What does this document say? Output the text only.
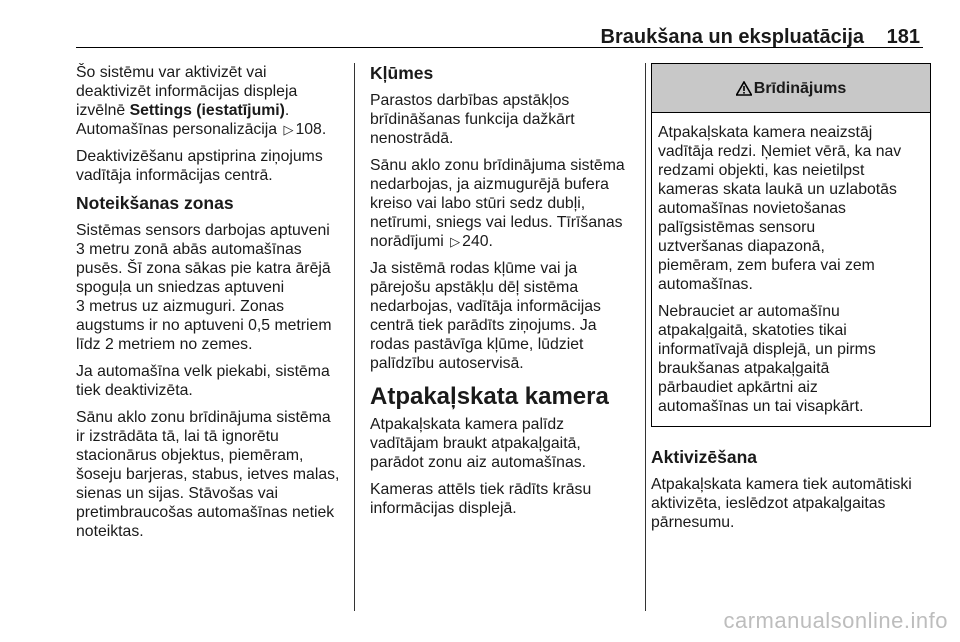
Braukšana un ekspluatācija 181

Šo sistēmu var aktivizēt vai
deaktivizēt informācijas displeja
izvēlnē Settings (iestatījumi).
Automašīnas personalizācija ▷ 108.

Deaktivizēšanu apstiprina ziņojums
vadītāja informācijas centrā.

Noteikšanas zonas

Sistēmas sensors darbojas aptuveni
3 metru zonā abās automašīnas
pusēs. Šī zona sākas pie katra ārējā
spoguļa un sniedzas aptuveni
3 metrus uz aizmuguri. Zonas
augstums ir no aptuveni 0,5 metriem
līdz 2 metriem no zemes.

Ja automašīna velk piekabi, sistēma
tiek deaktivizēta.

Sānu aklo zonu brīdinājuma sistēma
ir izstrādāta tā, lai tā ignorētu
stacionārus objektus, piemēram,
šoseju barjeras, stabus, ietves malas,
sienas un sijas. Stāvošas vai
pretimbraucošas automašīnas netiek
noteiktas.

Kļūmes

Parastos darbības apstākļos
brīdināšanas funkcija dažkārt
nenostrādā.

Sānu aklo zonu brīdinājuma sistēma
nedarbojas, ja aizmugurējā bufera
kreiso vai labo stūri sedz dubļi,
netīrumi, sniegs vai ledus. Tīrīšanas
norādījumi ▷ 240.

Ja sistēmā rodas kļūme vai ja
pārejošu apstākļu dēļ sistēma
nedarbojas, vadītāja informācijas
centrā tiek parādīts ziņojums. Ja
rodas pastāvīga kļūme, lūdziet
palīdzību autoservisā.

Atpakaļskata kamera

Atpakaļskata kamera palīdz
vadītājam braukt atpakaļgaitā,
parādot zonu aiz automašīnas.

Kameras attēls tiek rādīts krāsu
informācijas displejā.

Brīdinājums

Atpakaļskata kamera neaizstāj
vadītāja redzi. Ņemiet vērā, ka nav
redzami objekti, kas neietilpst
kameras skata laukā un uzlabotās
automašīnas novietošanas
palīgsistēmas sensoru
uztveršanas diapazonā,
piemēram, zem bufera vai zem
automašīnas.

Nebrauciet ar automašīnu
atpakaļgaitā, skatoties tikai
informatīvajā displejā, un pirms
braukšanas atpakaļgaitā
pārbaudiet apkārtni aiz
automašīnas un tai visapkārt.

Aktivizēšana

Atpakaļskata kamera tiek automātiski
aktivizēta, ieslēdzot atpakaļgaitas
pārnesumu.

carmanualsonline.info
